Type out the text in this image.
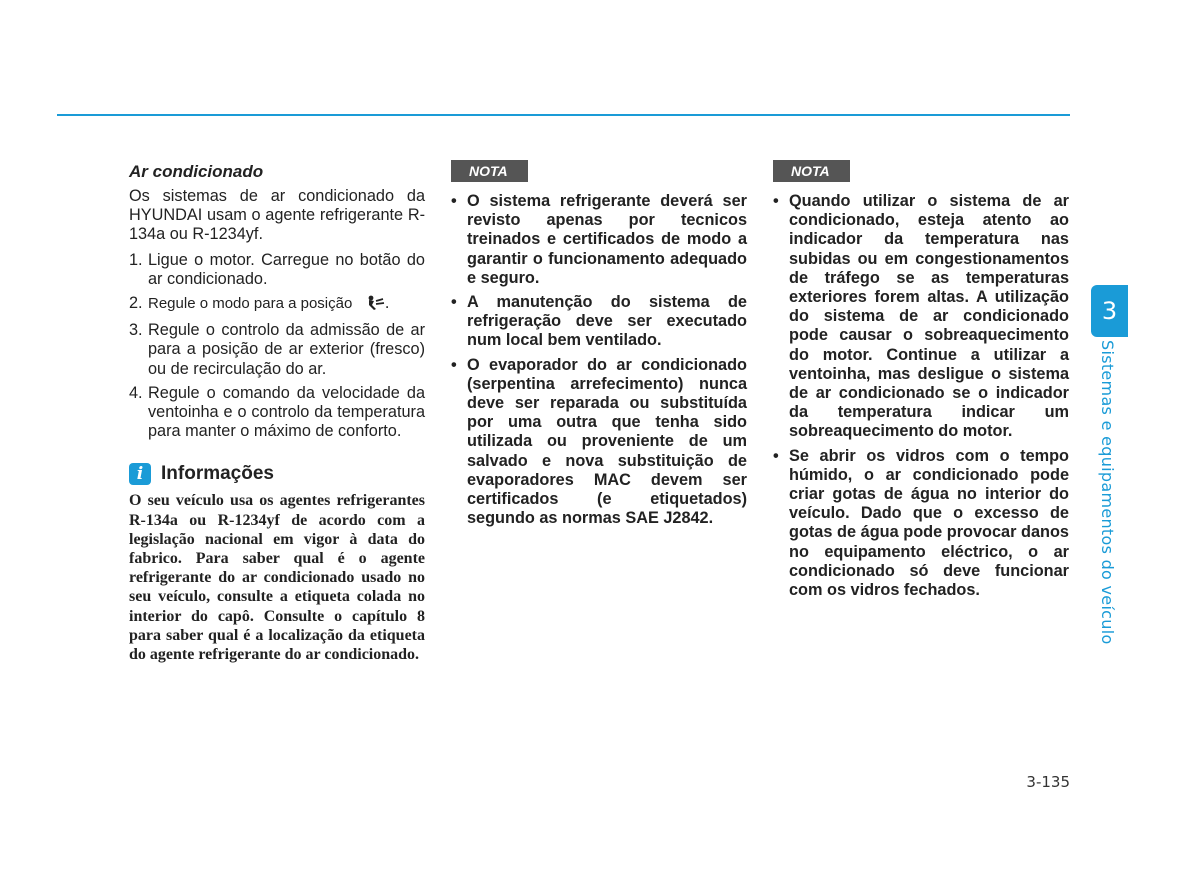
Ar condicionado

Os sistemas de ar condicionado da HYUNDAI usam o agente refrigerante R-134a ou R-1234yf.

1. Ligue o motor. Carregue no botão do ar condicionado.
2. Regule o modo para a posição .
3. Regule o controlo da admissão de ar para a posição de ar exterior (fresco) ou de recirculação do ar.
4. Regule o comando da velocidade da ventoinha e o controlo da temperatura para manter o máximo de conforto.
i Informações

O seu veículo usa os agentes refrigerantes R-134a ou R-1234yf de acordo com a legislação nacional em vigor à data do fabrico. Para saber qual é o agente refrigerante do ar condicionado usado no seu veículo, consulte a etiqueta colada no interior do capô. Consulte o capítulo 8 para saber qual é a localização da etiqueta do agente refrigerante do ar condicionado.

NOTA
• O sistema refrigerante deverá ser revisto apenas por tecnicos treinados e certificados de modo a garantir o funcionamento adequado e seguro.
• A manutenção do sistema de refrigeração deve ser executado num local bem ventilado.
• O evaporador do ar condicionado (serpentina arrefecimento) nunca deve ser reparada ou substituída por uma outra que tenha sido utilizada ou proveniente de um salvado e nova substituição de evaporadores MAC devem ser certificados (e etiquetados) segundo as normas SAE J2842.
NOTA
• Quando utilizar o sistema de ar condicionado, esteja atento ao indicador da temperatura nas subidas ou em congestionamentos de tráfego se as temperaturas exteriores forem altas. A utilização do sistema de ar condicionado pode causar o sobreaquecimento do motor. Continue a utilizar a ventoinha, mas desligue o sistema de ar condicionado se o indicador da temperatura indicar um sobreaquecimento do motor.
• Se abrir os vidros com o tempo húmido, o ar condicionado pode criar gotas de água no interior do veículo. Dado que o excesso de gotas de água pode provocar danos no equipamento eléctrico, o ar condicionado só deve funcionar com os vidros fechados.
3
Sistemas e equipamentos do veículo
3-135
